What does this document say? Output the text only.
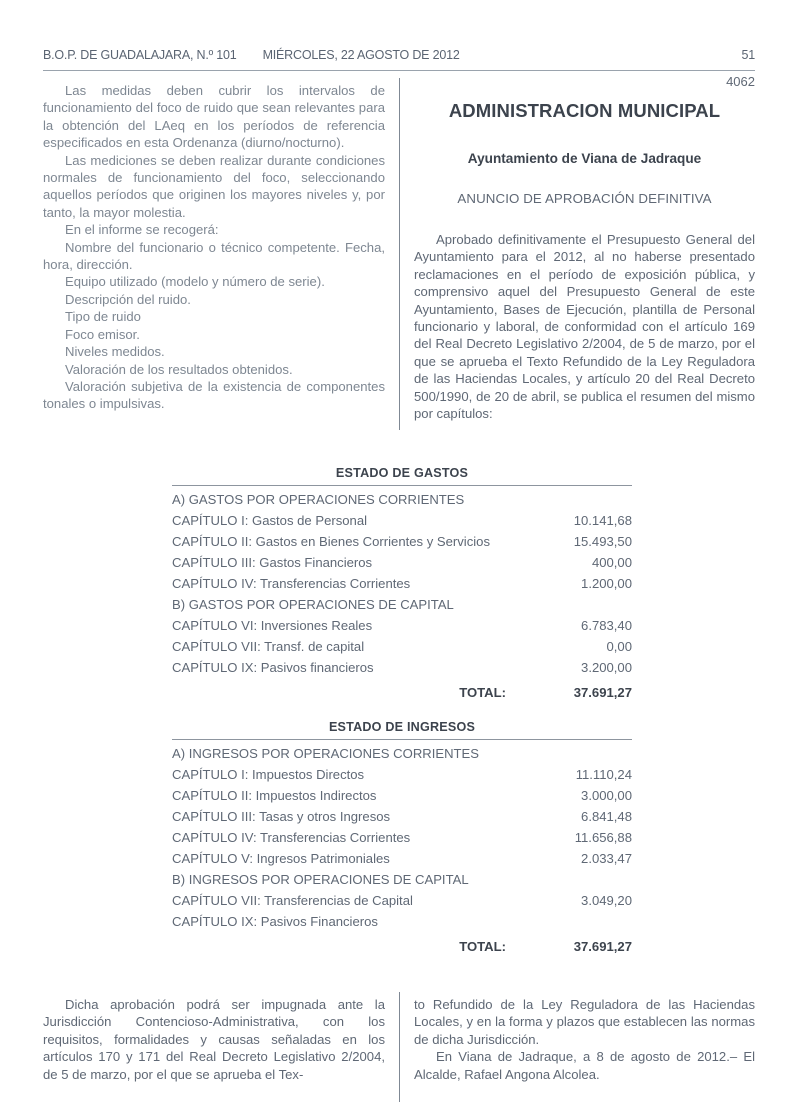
B.O.P. DE GUADALAJARA, N.º 101 MIÉRCOLES, 22 AGOSTO DE 2012	51

Las medidas deben cubrir los intervalos de funcionamiento del foco de ruido que sean relevantes para la obtención del LAeq en los períodos de referencia especificados en esta Ordenanza (diurno/nocturno).

Las mediciones se deben realizar durante condiciones normales de funcionamiento del foco, seleccionando aquellos períodos que originen los mayores niveles y, por tanto, la mayor molestia.

En el informe se recogerá:

Nombre del funcionario o técnico competente. Fecha, hora, dirección.

Equipo utilizado (modelo y número de serie).

Descripción del ruido.

Tipo de ruido

Foco emisor.

Niveles medidos.

Valoración de los resultados obtenidos.

Valoración subjetiva de la existencia de componentes tonales o impulsivas.

4062
ADMINISTRACION MUNICIPAL
Ayuntamiento de Viana de Jadraque
ANUNCIO DE APROBACIÓN DEFINITIVA

Aprobado definitivamente el Presupuesto General del Ayuntamiento para el 2012, al no haberse presentado reclamaciones en el período de exposición pública, y comprensivo aquel del Presupuesto General de este Ayuntamiento, Bases de Ejecución, plantilla de Personal funcionario y laboral, de conformidad con el artículo 169 del Real Decreto Legislativo 2/2004, de 5 de marzo, por el que se aprueba el Texto Refundido de la Ley Reguladora de las Haciendas Locales, y artículo 20 del Real Decreto 500/1990, de 20 de abril, se publica el resumen del mismo por capítulos:

ESTADO DE GASTOS
A) GASTOS POR OPERACIONES CORRIENTES	
CAPÍTULO I: Gastos de Personal	10.141,68
CAPÍTULO II: Gastos en Bienes Corrientes y Servicios	15.493,50
CAPÍTULO III: Gastos Financieros	400,00
CAPÍTULO IV: Transferencias Corrientes	1.200,00
B) GASTOS POR OPERACIONES DE CAPITAL	
CAPÍTULO VI: Inversiones Reales	6.783,40
CAPÍTULO VII: Transf. de capital	0,00
CAPÍTULO IX: Pasivos financieros	3.200,00
TOTAL:	37.691,27
ESTADO DE INGRESOS
A) INGRESOS POR OPERACIONES CORRIENTES	
CAPÍTULO I: Impuestos Directos	11.110,24
CAPÍTULO II: Impuestos Indirectos	3.000,00
CAPÍTULO III: Tasas y otros Ingresos	6.841,48
CAPÍTULO IV: Transferencias Corrientes	11.656,88
CAPÍTULO V: Ingresos Patrimoniales	2.033,47
B) INGRESOS POR OPERACIONES DE CAPITAL	
CAPÍTULO VII: Transferencias de Capital	3.049,20
CAPÍTULO IX: Pasivos Financieros	
TOTAL:	37.691,27

Dicha aprobación podrá ser impugnada ante la Jurisdicción Contencioso-Administrativa, con los requisitos, formalidades y causas señaladas en los artículos 170 y 171 del Real Decreto Legislativo 2/2004, de 5 de marzo, por el que se aprueba el Tex-

to Refundido de la Ley Reguladora de las Haciendas Locales, y en la forma y plazos que establecen las normas de dicha Jurisdicción.

En Viana de Jadraque, a 8 de agosto de 2012.– El Alcalde, Rafael Angona Alcolea.
